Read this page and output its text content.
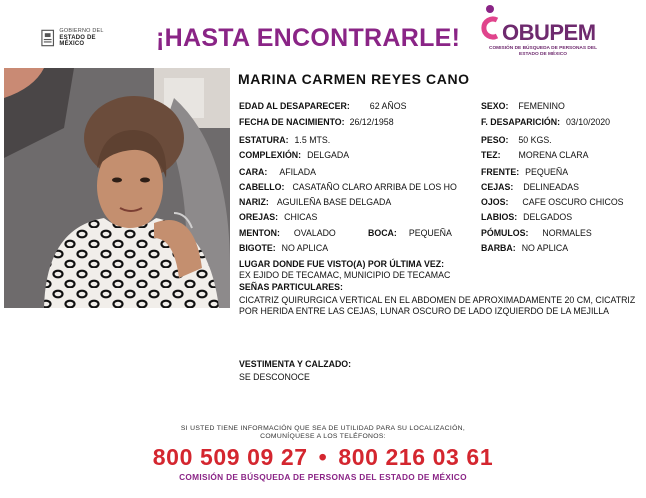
GOBIERNO DEL
ESTADO DE MÉXICO	¡HASTA ENCONTRARLE! OBUPEM
COMISIÓN DE BÚSQUEDA DE PERSONAS DEL ESTADO DE MÉXICO
MARINA CARMEN REYES CANO
EDAD AL DESAPARECER: 62 AÑOS
FECHA DE NACIMIENTO: 26/12/1958
ESTATURA: 1.5 MTS.
COMPLEXIÓN: DELGADA
CARA: AFILADA
CABELLO: CASATAÑO CLARO ARRIBA DE LOS HO
NARIZ: AGUILEÑA BASE DELGADA
OREJAS: CHICAS
MENTON: OVALADO	BOCA: PEQUEÑA
BIGOTE: NO APLICA
SEXO: FEMENINO
F. DESAPARICIÓN: 03/10/2020
PESO: 50 KGS.
TEZ: MORENA CLARA
FRENTE: PEQUEÑA
CEJAS: DELINEADAS
OJOS: CAFE OSCURO CHICOS
LABIOS: DELGADOS
PÓMULOS: NORMALES
BARBA: NO APLICA
LUGAR DONDE FUE VISTO(A) POR ÚLTIMA VEZ:
EX EJIDO DE TECAMAC, MUNICIPIO DE TECAMAC
SEÑAS PARTICULARES:
CICATRIZ QUIRURGICA VERTICAL EN EL ABDOMEN DE APROXIMADAMENTE 20 CM, CICATRIZ POR HERIDA ENTRE LAS CEJAS, LUNAR OSCURO DE LADO IZQUIERDO DE LA MEJILLA
VESTIMENTA Y CALZADO:
SE DESCONOCE
SI USTED TIENE INFORMACIÓN QUE SEA DE UTILIDAD PARA SU LOCALIZACIÓN,
COMUNÍQUESE A LOS TELÉFONOS:
800 509 09 27 • 800 216 03 61
COMISIÓN DE BÚSQUEDA DE PERSONAS DEL ESTADO DE MÉXICO
